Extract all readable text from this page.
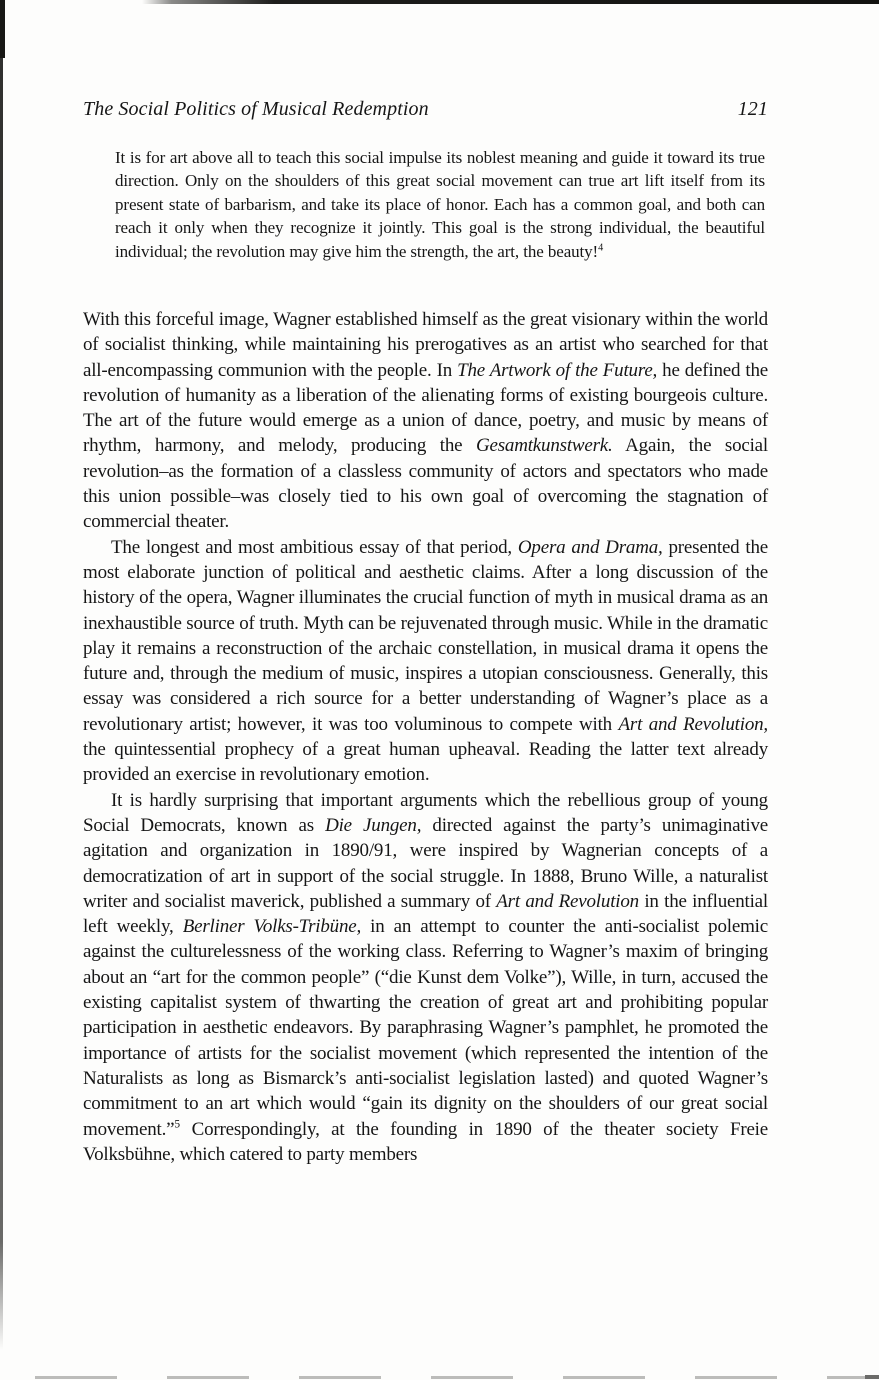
The Social Politics of Musical Redemption	121
It is for art above all to teach this social impulse its noblest meaning and guide it toward its true direction. Only on the shoulders of this great social movement can true art lift itself from its present state of barbarism, and take its place of honor. Each has a common goal, and both can reach it only when they recognize it jointly. This goal is the strong individual, the beautiful individual; the revolution may give him the strength, the art, the beauty!$^4$

With this forceful image, Wagner established himself as the great visionary within the world of socialist thinking, while maintaining his prerogatives as an artist who searched for that all-encompassing communion with the people. In The Artwork of the Future, he defined the revolution of humanity as a liberation of the alienating forms of existing bourgeois culture. The art of the future would emerge as a union of dance, poetry, and music by means of rhythm, harmony, and melody, producing the Gesamtkunstwerk. Again, the social revolution–as the formation of a classless community of actors and spectators who made this union possible–was closely tied to his own goal of overcoming the stagnation of commercial theater.

The longest and most ambitious essay of that period, Opera and Drama, presented the most elaborate junction of political and aesthetic claims. After a long discussion of the history of the opera, Wagner illuminates the crucial function of myth in musical drama as an inexhaustible source of truth. Myth can be rejuvenated through music. While in the dramatic play it remains a reconstruction of the archaic constellation, in musical drama it opens the future and, through the medium of music, inspires a utopian consciousness. Generally, this essay was considered a rich source for a better understanding of Wagner’s place as a revolutionary artist; however, it was too voluminous to compete with Art and Revolution, the quintessential prophecy of a great human upheaval. Reading the latter text already provided an exercise in revolutionary emotion.

It is hardly surprising that important arguments which the rebellious group of young Social Democrats, known as Die Jungen, directed against the party’s unimaginative agitation and organization in 1890/91, were inspired by Wagnerian concepts of a democratization of art in support of the social struggle. In 1888, Bruno Wille, a naturalist writer and socialist maverick, published a summary of Art and Revolution in the influential left weekly, Berliner Volks-Tribüne, in an attempt to counter the anti-socialist polemic against the culturelessness of the working class. Referring to Wagner’s maxim of bringing about an “art for the common people” (“die Kunst dem Volke”), Wille, in turn, accused the existing capitalist system of thwarting the creation of great art and prohibiting popular participation in aesthetic endeavors. By paraphrasing Wagner’s pamphlet, he promoted the importance of artists for the socialist movement (which represented the intention of the Naturalists as long as Bismarck’s anti-socialist legislation lasted) and quoted Wagner’s commitment to an art which would “gain its dignity on the shoulders of our great social movement.”$^5$ Correspondingly, at the founding in 1890 of the theater society Freie Volksbühne, which catered to party members
